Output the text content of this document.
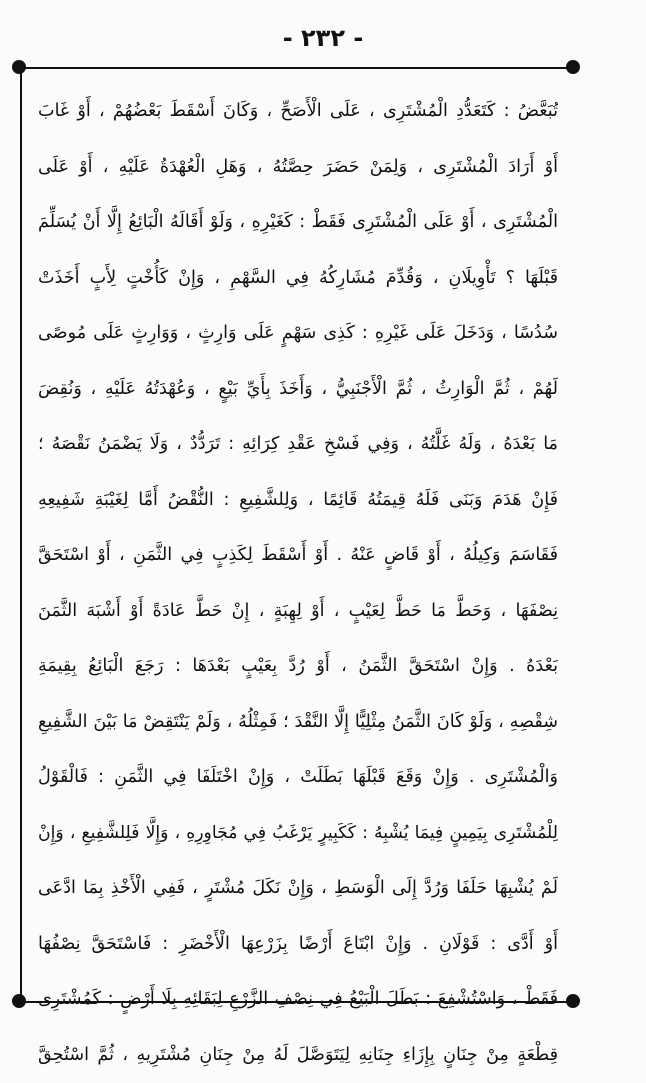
- ٢٣٢ -
تُبَعَّضُ : كَتَعَدُّدِ الْمُشْتَرِى ، عَلَى الْأَصَحِّ ، وَكَانَ أَسْقَطَ بَعْضُهُمْ ، أَوْ غَابَ
أَوْ أَرَادَ الْمُشْتَرِى ، وَلِمَنْ حَضَرَ حِصَّتُهُ ، وَهَلِ الْعُهْدَةُ عَلَيْهِ ، أَوْ عَلَى
الْمُشْتَرِى ، أَوْ عَلَى الْمُشْتَرِى فَقَطْ : كَغَيْرِهِ ، وَلَوْ أَقَالَهُ الْبَائِعُ إِلَّا أَنْ يُسَلِّمَ
قَبْلَهَا ؟ تَأْوِيلَانِ ، وَقُدِّمَ مُشَارِكُهُ فِي السَّهْمِ ، وَإِنْ كَأُخْتٍ لِأَبٍ أَخَذَتْ
سُدُسًا ، وَدَخَلَ عَلَى غَيْرِهِ : كَذِى سَهْمٍ عَلَى وَارِثٍ ، وَوَارِثٍ عَلَى مُوصًى
لَهُمْ ، ثُمَّ الْوَارِثُ ، ثُمَّ الْأَجْنَبِيُّ ، وَأَخَذَ بِأَيِّ بَيْعٍ ، وَعُهْدَتُهُ عَلَيْهِ ، وَنُقِضَ
مَا بَعْدَهُ ، وَلَهُ غَلَّتُهُ ، وَفِي فَسْخِ عَقْدِ كِرَائِهِ : تَرَدُّدٌ ، وَلَا يَضْمَنُ نَقْصَهُ ؛
فَإِنْ هَدَمَ وَبَنَى فَلَهُ قِيمَتُهُ قَائِمًا ، وَلِلشَّفِيعِ : النُّقْضُ أَمَّا لِغَيْبَةِ شَفِيعِهِ
فَقَاسَمَ وَكِيلُهُ ، أَوْ قَاضٍ عَنْهُ . أَوْ أَسْقَطَ لِكَذِبٍ فِي الثَّمَنِ ، أَوْ اسْتَحَقَّ
نِصْفَهَا ، وَحَطَّ مَا حَطَّ لِعَيْبٍ ، أَوْ لِهِبَةٍ ، إِنْ حَطَّ عَادَةً أَوْ أَشْبَهَ الثَّمَنَ
بَعْدَهُ . وَإِنْ اسْتَحَقَّ الثَّمَنُ ، أَوْ رُدَّ بِعَيْبٍ بَعْدَهَا : رَجَعَ الْبَائِعُ بِقِيمَةِ
شِقْصِهِ ، وَلَوْ كَانَ الثَّمَنُ مِثْلِيًّا إِلَّا النَّقْدَ ؛ فَمِثْلُهُ ، وَلَمْ يَنْتَقِضْ مَا بَيْنَ الشَّفِيعِ
وَالْمُشْتَرِى . وَإِنْ وَقَعَ قَبْلَهَا بَطَلَتْ ، وَإِنْ اخْتَلَفَا فِي الثَّمَنِ : فَالْقَوْلُ
لِلْمُشْتَرِى بِيَمِينٍ فِيمَا يُشْبِهُ : كَكَبِيرٍ يَرْغَبُ فِي مُجَاوِرِهِ ، وَإِلَّا فَلِلشَّفِيعِ ، وَإِنْ
لَمْ يُشْبِهَا حَلَفَا وَرُدَّ إِلَى الْوَسَطِ ، وَإِنْ نَكَلَ مُشْتَرٍ ، فَفِي الْأَخْذِ بِمَا ادَّعَى
أَوْ أَدَّى : قَوْلَانِ . وَإِنْ ابْتَاعَ أَرْضًا بِزَرْعِهَا الْأَخْضَرِ : فَاسْتَحَقَّ نِصْفُهَا
فَقَطْ ، وَاسْتُشْفِعَ : بَطَلَ الْبَيْعُ فِي نِصْفِ الزَّرْعِ لِبَقَائِهِ بِلَا أَرْضٍ : كَمُشْتَرِى
قِطْعَةٍ مِنْ جِنَانٍ بِإِزَاءِ جِنَانِهِ لِيَتَوَصَّلَ لَهُ مِنْ جِنَانِ مُشْتَرِيهِ ، ثُمَّ اسْتُحِقَّ
